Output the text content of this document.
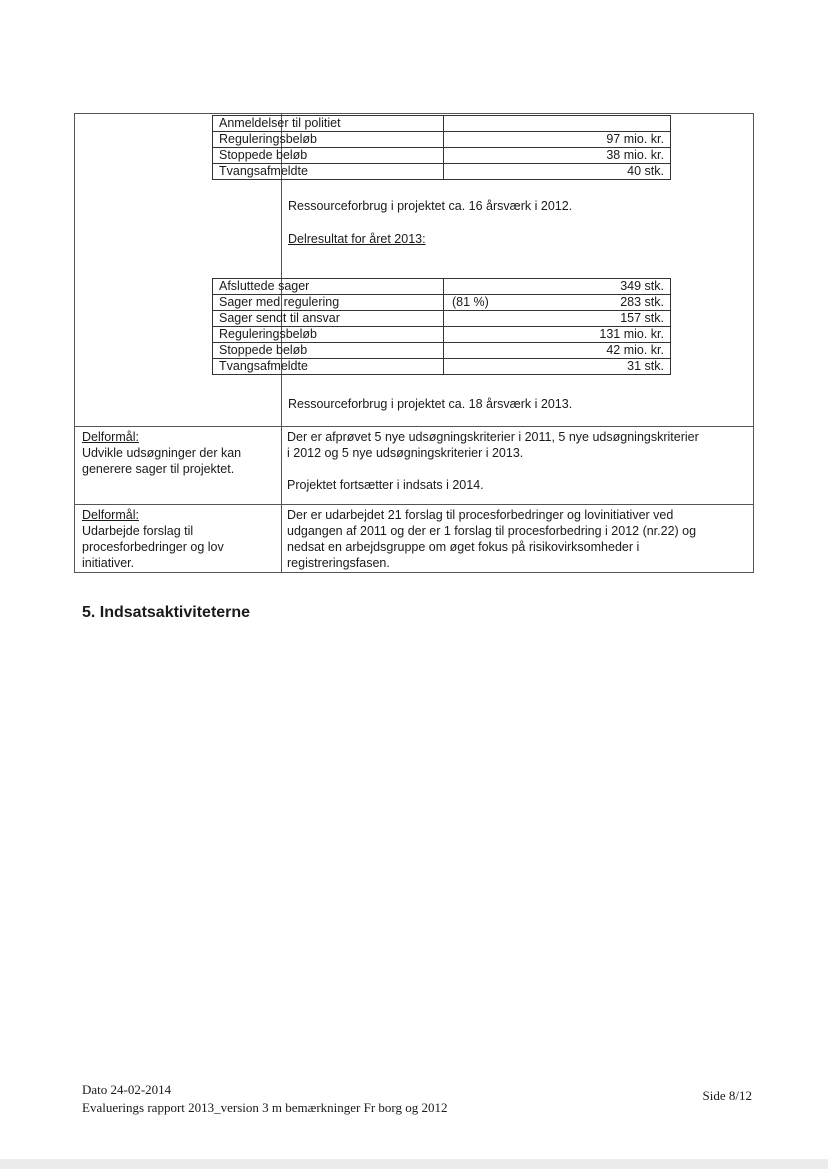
Anmeldelser til politiet	
Reguleringsbeløb	97 mio. kr.
Stoppede beløb	38 mio. kr.
Tvangsafmeldte	40 stk.
Ressourceforbrug i projektet ca. 16 årsværk i 2012.
Delresultat for året 2013:
Afsluttede sager	349 stk.
Sager med regulering	(81 %) 283 stk.
Sager sendt til ansvar	157 stk.
Reguleringsbeløb	131 mio. kr.
Stoppede beløb	42 mio. kr.
Tvangsafmeldte	31 stk.
Ressourceforbrug i projektet ca. 18 årsværk i 2013.
Delformål:
Udvikle udsøgninger der kan
generere sager til projektet.
Der er afprøvet 5 nye udsøgningskriterier i 2011, 5 nye udsøgningskriterier
i 2012 og 5 nye udsøgningskriterier i 2013.
Projektet fortsætter i indsats i 2014.
Delformål:
Udarbejde forslag til
procesforbedringer og lov
initiativer.
Der er udarbejdet 21 forslag til procesforbedringer og lovinitiativer ved
udgangen af 2011 og der er 1 forslag til procesforbedring i 2012 (nr.22) og
nedsat en arbejdsgruppe om øget fokus på risikovirksomheder i
registreringsfasen.
5. Indsatsaktiviteterne
Dato 24-02-2014
Evaluerings rapport 2013_version 3 m bemærkninger Fr borg og 2012
Side 8/12
